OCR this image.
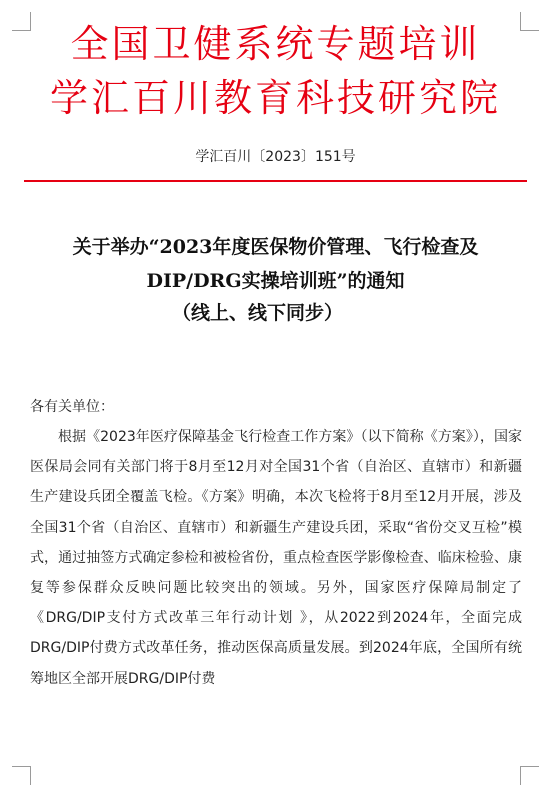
全国卫健系统专题培训
学汇百川教育科技研究院
学汇百川〔2023〕151号
关于举办“2023年度医保物价管理、飞行检查及
DIP/DRG实操培训班”的通知
（线上、线下同步）

各有关单位：

根据《2023年医疗保障基金飞行检查工作方案》（以下简称《方案》），国家医保局会同有关部门将于8月至12月对全国31个省（自治区、直辖市）和新疆生产建设兵团全覆盖飞检。《方案》明确，本次飞检将于8月至12月开展，涉及全国31个省（自治区、直辖市）和新疆生产建设兵团，采取“省份交叉互检”模式，通过抽签方式确定参检和被检省份，重点检查医学影像检查、临床检验、康复等参保群众反映问题比较突出的领域。另外，国家医疗保障局制定了《DRG/DIP支付方式改革三年行动计划 》，从2022到2024年，全面完成DRG/DIP付费方式改革任务，推动医保高质量发展。到2024年底，全国所有统筹地区全部开展DRG/DIP付费
